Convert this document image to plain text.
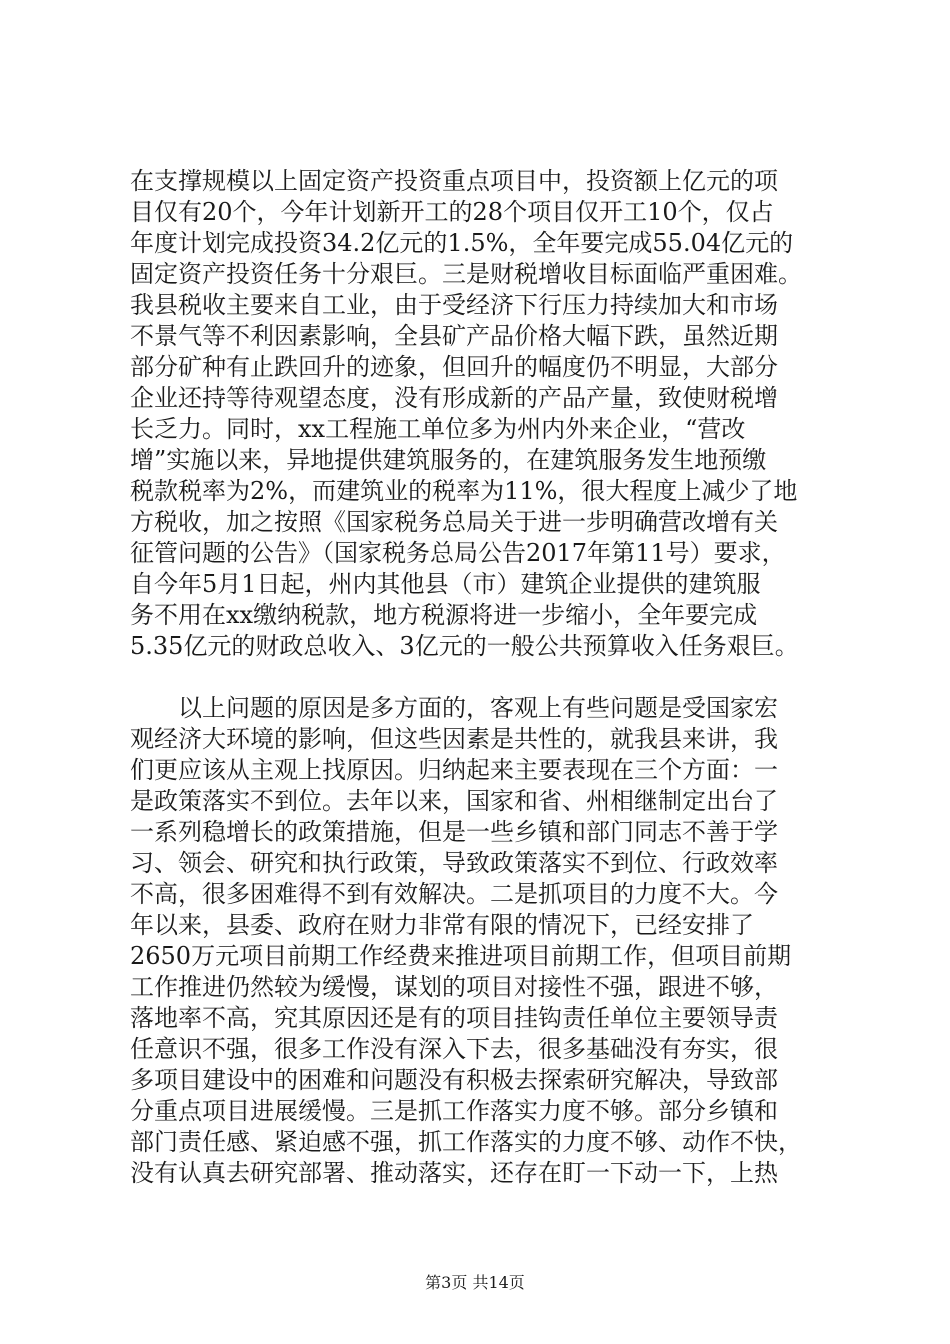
在支撑规模以上固定资产投资重点项目中，投资额上亿元的项
目仅有20个，今年计划新开工的28个项目仅开工10个，仅占
年度计划完成投资34.2亿元的1.5%，全年要完成55.04亿元的
固定资产投资任务十分艰巨。三是财税增收目标面临严重困难。
我县税收主要来自工业，由于受经济下行压力持续加大和市场
不景气等不利因素影响，全县矿产品价格大幅下跌，虽然近期
部分矿种有止跌回升的迹象，但回升的幅度仍不明显，大部分
企业还持等待观望态度，没有形成新的产品产量，致使财税增
长乏力。同时，xx工程施工单位多为州内外来企业，“营改
增”实施以来，异地提供建筑服务的，在建筑服务发生地预缴
税款税率为2%，而建筑业的税率为11%，很大程度上减少了地
方税收，加之按照《国家税务总局关于进一步明确营改增有关
征管问题的公告》（国家税务总局公告2017年第11号）要求，
自今年5月1日起，州内其他县（市）建筑企业提供的建筑服
务不用在xx缴纳税款，地方税源将进一步缩小，全年要完成
5.35亿元的财政总收入、3亿元的一般公共预算收入任务艰巨。
以上问题的原因是多方面的，客观上有些问题是受国家宏
观经济大环境的影响，但这些因素是共性的，就我县来讲，我
们更应该从主观上找原因。归纳起来主要表现在三个方面：一
是政策落实不到位。去年以来，国家和省、州相继制定出台了
一系列稳增长的政策措施，但是一些乡镇和部门同志不善于学
习、领会、研究和执行政策，导致政策落实不到位、行政效率
不高，很多困难得不到有效解决。二是抓项目的力度不大。今
年以来，县委、政府在财力非常有限的情况下，已经安排了
2650万元项目前期工作经费来推进项目前期工作，但项目前期
工作推进仍然较为缓慢，谋划的项目对接性不强，跟进不够，
落地率不高，究其原因还是有的项目挂钩责任单位主要领导责
任意识不强，很多工作没有深入下去，很多基础没有夯实，很
多项目建设中的困难和问题没有积极去探索研究解决，导致部
分重点项目进展缓慢。三是抓工作落实力度不够。部分乡镇和
部门责任感、紧迫感不强，抓工作落实的力度不够、动作不快，
没有认真去研究部署、推动落实，还存在盯一下动一下，上热
第3页 共14页
